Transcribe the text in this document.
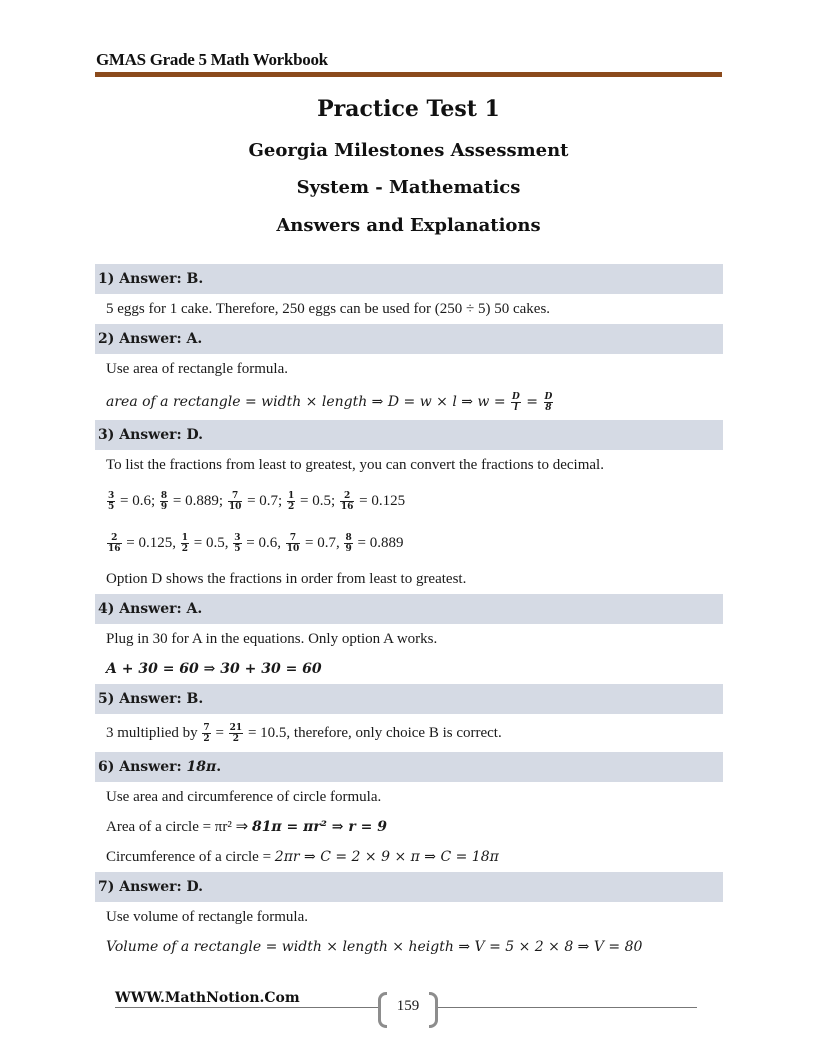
GMAS Grade 5 Math Workbook
Practice Test 1
Georgia Milestones Assessment
System - Mathematics
Answers and Explanations
1) Answer: B.
5 eggs for 1 cake. Therefore, 250 eggs can be used for (250 ÷ 5) 50 cakes.
2) Answer: A.
Use area of rectangle formula.
area of a rectangle = width × length ⇒ D = w × l ⇒ $w = \frac{D}{l} = \frac{D}{8}$
3) Answer: D.
To list the fractions from least to greatest, you can convert the fractions to decimal.
$\frac{3}{5} = 0.6$; $\frac{8}{9} = 0.889$; $\frac{7}{10} = 0.7$; $\frac{1}{2} = 0.5$; $\frac{2}{16} = 0.125$
$\frac{2}{16} = 0.125$, $\frac{1}{2} = 0.5$, $\frac{3}{5} = 0.6$, $\frac{7}{10} = 0.7$, $\frac{8}{9} = 0.889$
Option D shows the fractions in order from least to greatest.
4) Answer: A.
Plug in 30 for A in the equations. Only option A works.
A + 30 = 60 ⇒ 30 + 30 = 60
5) Answer: B.
3 multiplied by $\frac{7}{2} = \frac{21}{2} = 10.5$, therefore, only choice B is correct.
6) Answer: 18π.
Use area and circumference of circle formula.
Area of a circle = πr² ⇒ 81π = πr² ⇒ r = 9
Circumference of a circle = 2πr ⇒ C = 2 × 9 × π ⇒ C = 18π
7) Answer: D.
Use volume of rectangle formula.
Volume of a rectangle = width × length × heigth ⇒ V = 5 × 2 × 8 ⇒ V = 80
WWW.MathNotion.Com	159
